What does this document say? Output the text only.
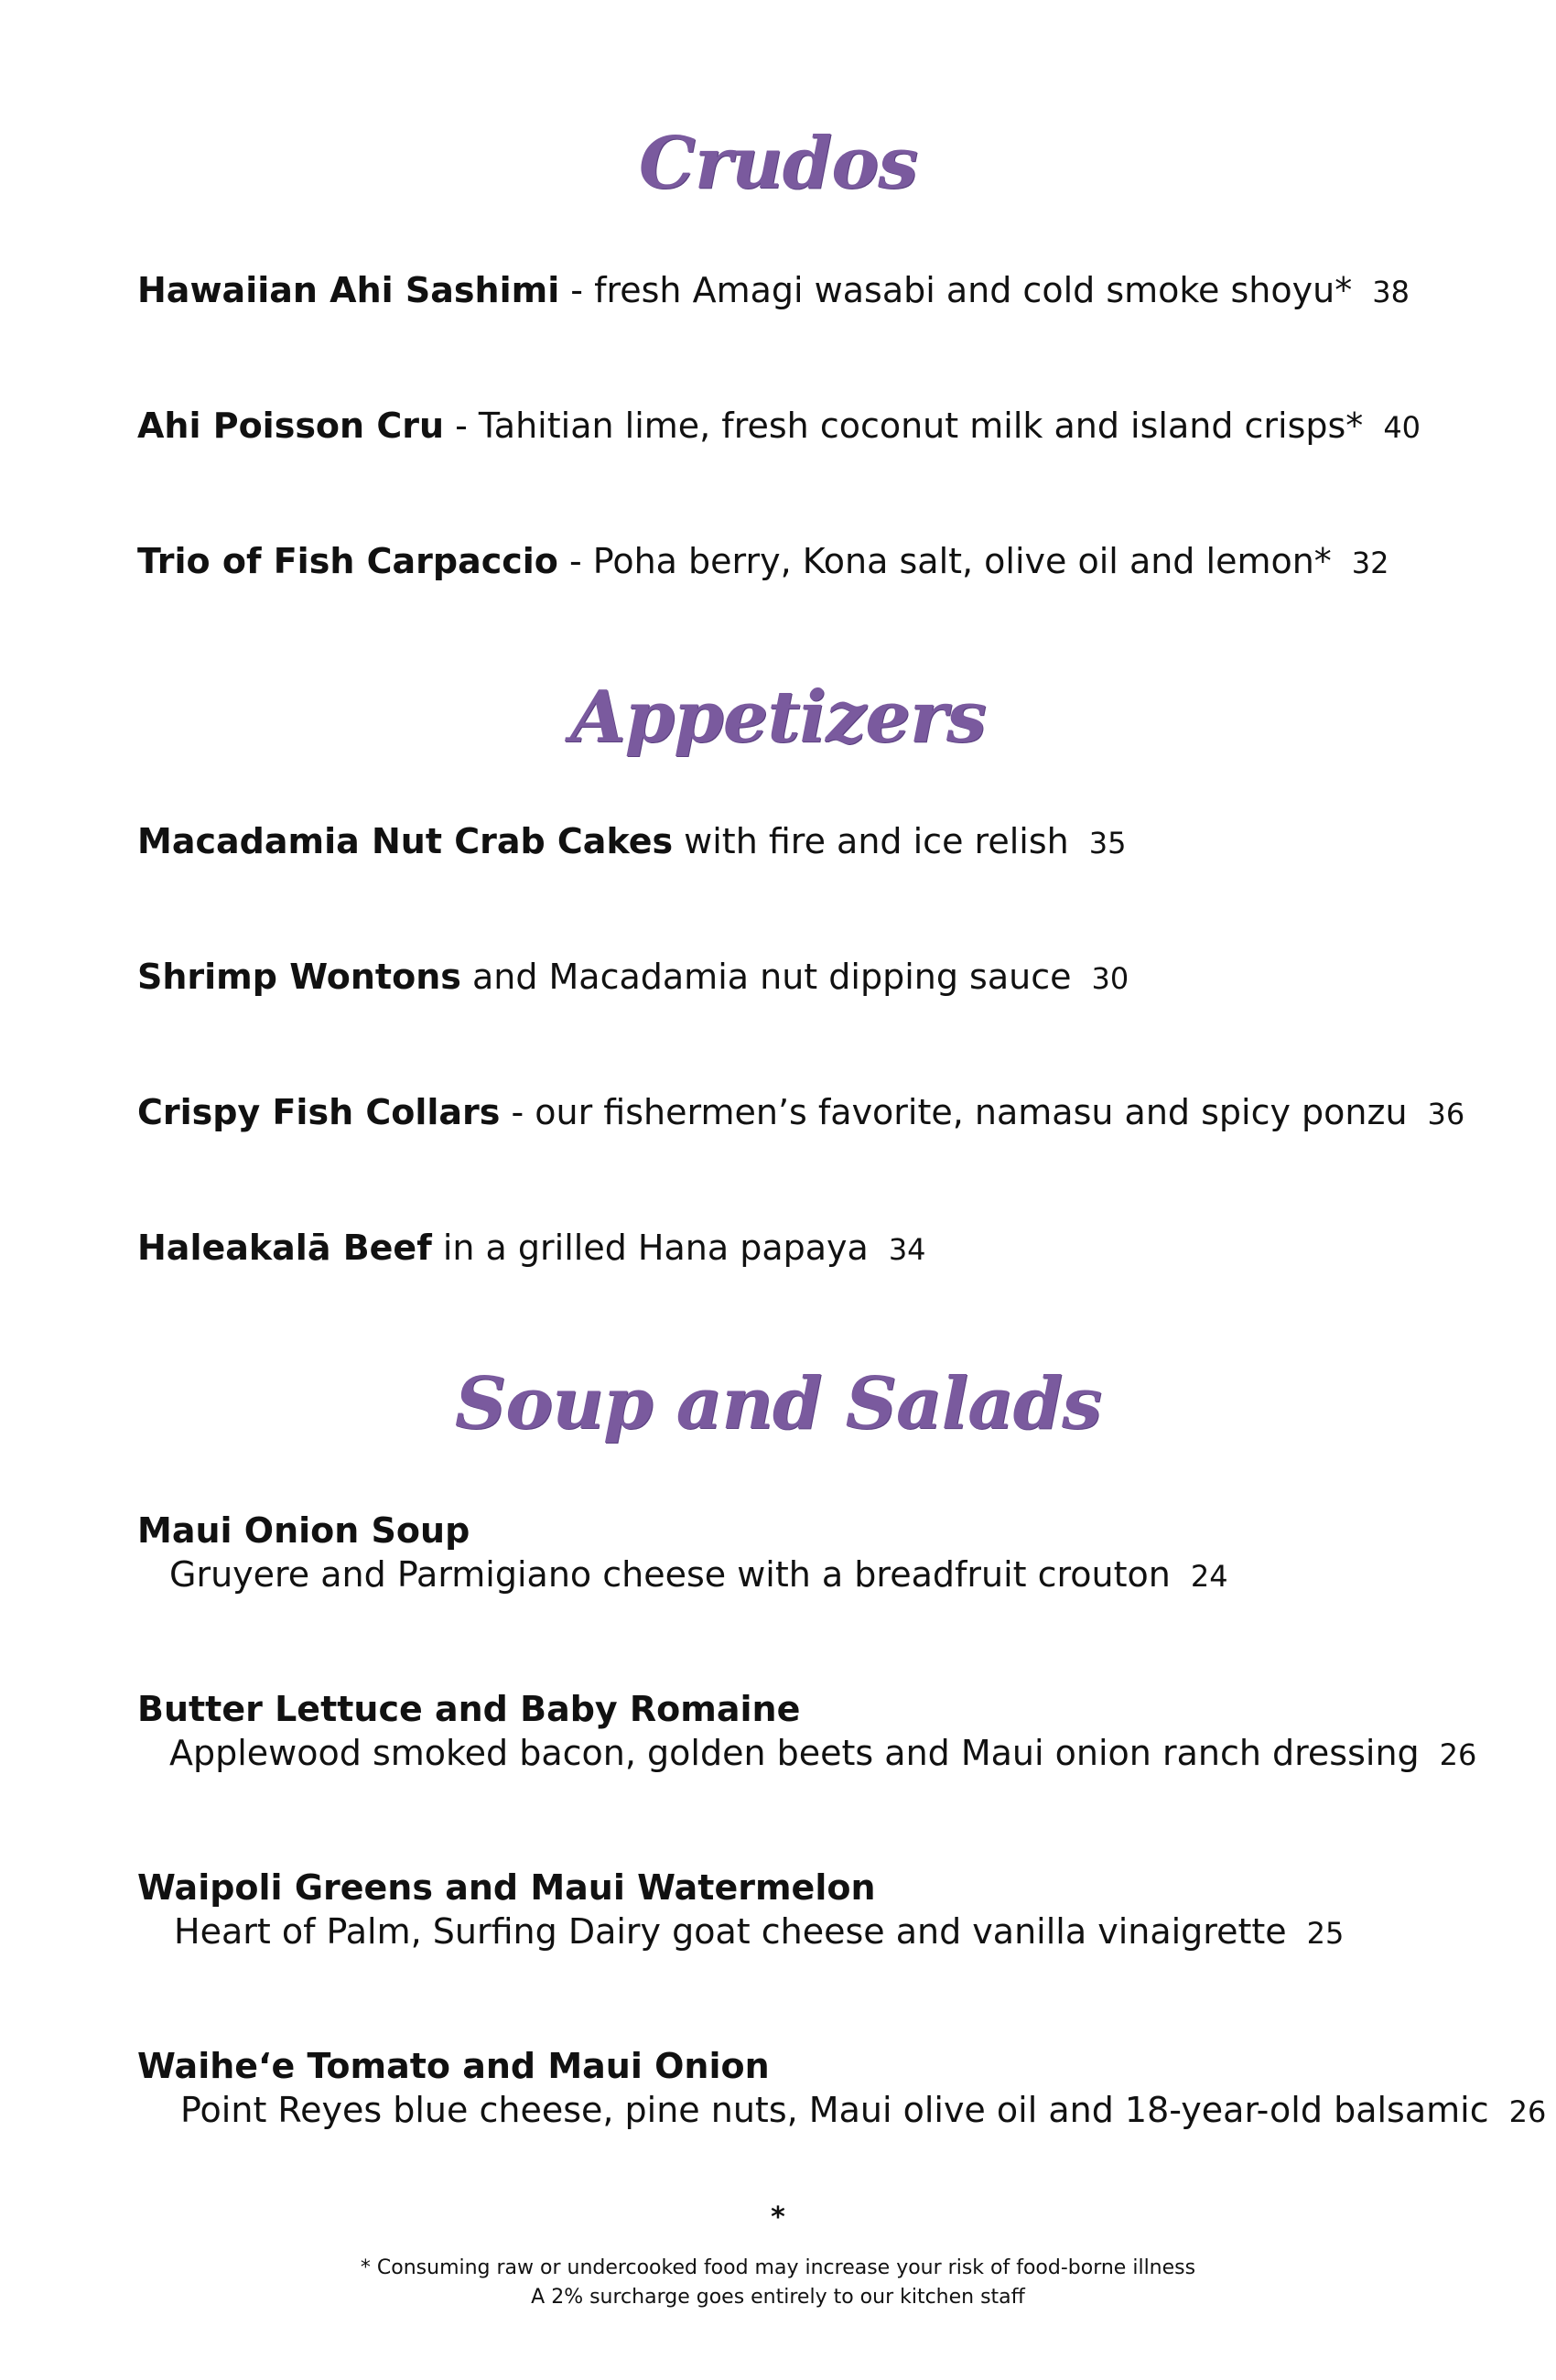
Crudos
Hawaiian Ahi Sashimi - fresh Amagi wasabi and cold smoke shoyu* 38
Ahi Poisson Cru - Tahitian lime, fresh coconut milk and island crisps* 40
Trio of Fish Carpaccio - Poha berry, Kona salt, olive oil and lemon* 32
Appetizers
Macadamia Nut Crab Cakes with fire and ice relish 35
Shrimp Wontons and Macadamia nut dipping sauce 30
Crispy Fish Collars - our fishermen’s favorite, namasu and spicy ponzu 36
Haleakalā Beef in a grilled Hana papaya 34
Soup and Salads
Maui Onion Soup
Gruyere and Parmigiano cheese with a breadfruit crouton 24
Butter Lettuce and Baby Romaine
Applewood smoked bacon, golden beets and Maui onion ranch dressing 26
Waipoli Greens and Maui Watermelon
Heart of Palm, Surfing Dairy goat cheese and vanilla vinaigrette 25
Waihe‘e Tomato and Maui Onion
Point Reyes blue cheese, pine nuts, Maui olive oil and 18-year-old balsamic 26
*
* Consuming raw or undercooked food may increase your risk of food-borne illness
A 2% surcharge goes entirely to our kitchen staff
